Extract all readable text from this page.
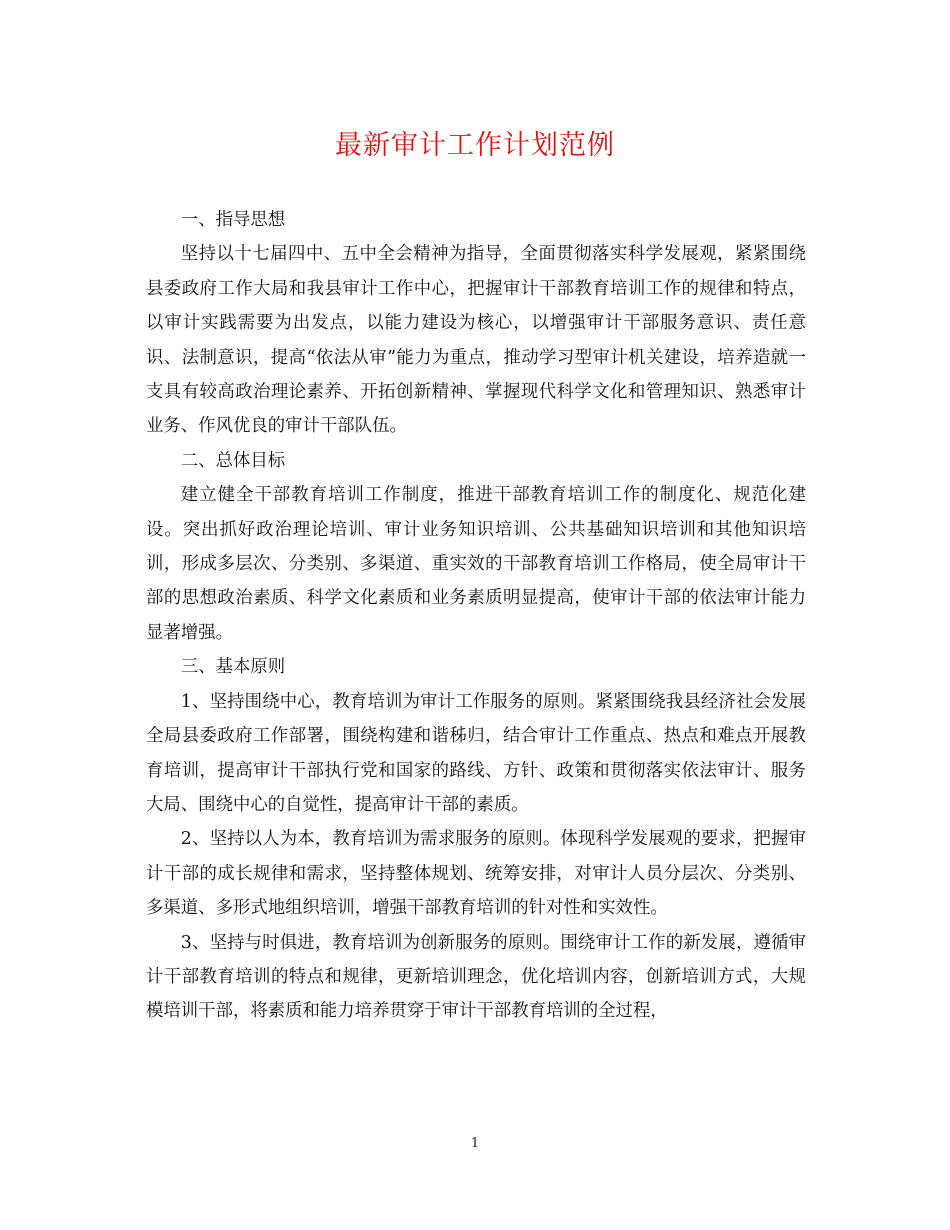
最新审计工作计划范例

一、指导思想

坚持以十七届四中、五中全会精神为指导，全面贯彻落实科学发展观，紧紧围绕县委政府工作大局和我县审计工作中心，把握审计干部教育培训工作的规律和特点，以审计实践需要为出发点，以能力建设为核心，以增强审计干部服务意识、责任意识、法制意识，提高“依法从审”能力为重点，推动学习型审计机关建设，培养造就一支具有较高政治理论素养、开拓创新精神、掌握现代科学文化和管理知识、熟悉审计业务、作风优良的审计干部队伍。

二、总体目标

建立健全干部教育培训工作制度，推进干部教育培训工作的制度化、规范化建设。突出抓好政治理论培训、审计业务知识培训、公共基础知识培训和其他知识培训，形成多层次、分类别、多渠道、重实效的干部教育培训工作格局，使全局审计干部的思想政治素质、科学文化素质和业务素质明显提高，使审计干部的依法审计能力显著增强。

三、基本原则

1、坚持围绕中心，教育培训为审计工作服务的原则。紧紧围绕我县经济社会发展全局县委政府工作部署，围绕构建和谐秭归，结合审计工作重点、热点和难点开展教育培训，提高审计干部执行党和国家的路线、方针、政策和贯彻落实依法审计、服务大局、围绕中心的自觉性，提高审计干部的素质。

2、坚持以人为本，教育培训为需求服务的原则。体现科学发展观的要求，把握审计干部的成长规律和需求，坚持整体规划、统筹安排，对审计人员分层次、分类别、多渠道、多形式地组织培训，增强干部教育培训的针对性和实效性。

3、坚持与时俱进，教育培训为创新服务的原则。围绕审计工作的新发展，遵循审计干部教育培训的特点和规律，更新培训理念，优化培训内容，创新培训方式，大规模培训干部，将素质和能力培养贯穿于审计干部教育培训的全过程，

1
